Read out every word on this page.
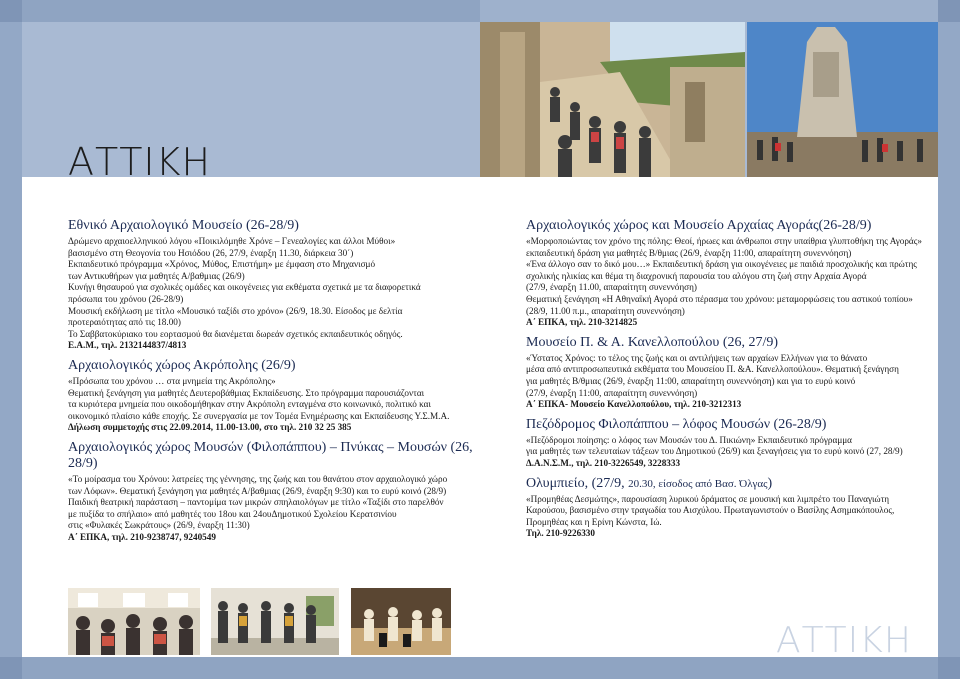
ΑΤΤΙΚΗ
Εθνικό Αρχαιολογικό Μουσείο (26-28/9)

Δρώμενο αρχαιοελληνικού λόγου «Ποικιλόμηθε Χρόνε – Γενεαλογίες και άλλοι Μύθοι»

βασισμένο στη Θεογονία του Ησιόδου (26, 27/9, έναρξη 11.30, διάρκεια 30΄)

Εκπαιδευτικό πρόγραμμα «Χρόνος, Μύθος, Επιστήμη» με έμφαση στο Μηχανισμό

των Αντικυθήρων για μαθητές Α/βαθμιας (26/9)

Κυνήγι θησαυρού για σχολικές ομάδες και οικογένειες για εκθέματα σχετικά με τα διαφορετικά

πρόσωπα του χρόνου (26-28/9)

Μουσική εκδήλωση με τίτλο «Μουσικό ταξίδι στο χρόνο» (26/9, 18.30. Είσοδος με δελτία

προτεραιότητας από τις 18.00)

Το Σαββατοκύριακο του εορτασμού θα διανέμεται δωρεάν σχετικός εκπαιδευτικός οδηγός.

Ε.Α.Μ., τηλ. 2132144837/4813

Αρχαιολογικός χώρος Ακρόπολης (26/9)

«Πρόσωπα του χρόνου … στα μνημεία της Ακρόπολης»

Θεματική ξενάγηση για μαθητές Δευτεροβάθμιας Εκπαίδευσης. Στο πρόγραμμα παρουσιάζονται

τα κυριότερα μνημεία που οικοδομήθηκαν στην Ακρόπολη ενταγμένα στο κοινωνικό, πολιτικό και

οικονομικό πλαίσιο κάθε εποχής. Σε συνεργασία με τον Τομέα Ενημέρωσης και Εκπαίδευσης Υ.Σ.Μ.Α.

Δήλωση συμμετοχής στις 22.09.2014, 11.00-13.00, στο τηλ. 210 32 25 385

Αρχαιολογικός χώρος Μουσών (Φιλοπάππου) – Πνύκας – Μουσών (26, 28/9)

«Το μοίρασμα του Χρόνου: λατρείες της γέννησης, της ζωής και του θανάτου στον αρχαιολογικό χώρο

των Λόφων». Θεματική ξενάγηση για μαθητές Α/βαθμιας (26/9, έναρξη 9:30) και το ευρύ κοινό (28/9)

Παιδική θεατρική παράσταση – παντομίμα των μικρών σπηλαιολόγων με τίτλο «Ταξίδι στο παρελθόν

με πυξίδα το σπήλαιο» από μαθητές του 18ου και 24ουΔημοτικού Σχολείου Κερατσινίου

στις «Φυλακές Σωκράτους» (26/9, έναρξη 11:30)

Α΄ ΕΠΚΑ, τηλ. 210-9238747, 9240549

Αρχαιολογικός χώρος και Μουσείο Αρχαίας Αγοράς(26-28/9)

«Μορφοποιώντας τον χρόνο της πόλης: Θεοί, ήρωες και άνθρωποι στην υπαίθρια γλυπτοθήκη της Αγοράς»

εκπαιδευτική δράση για μαθητές Β/θμιας (26/9, έναρξη 11:00, απαραίτητη συνεννόηση)

«Ένα άλλογο σαν το δικό μου…» Εκπαιδευτική δράση για οικογένειες με παιδιά προσχολικής και πρώτης

σχολικής ηλικίας και θέμα τη διαχρονική παρουσία του αλόγου στη ζωή στην Αρχαία Αγορά

(27/9, έναρξη 11.00, απαραίτητη συνεννόηση)

Θεματική ξενάγηση «Η Αθηναϊκή Αγορά στο πέρασμα του χρόνου: μεταμορφώσεις του αστικού τοπίου»

(28/9, 11.00 π.μ., απαραίτητη συνεννόηση)

Α΄ ΕΠΚΑ, τηλ. 210-3214825

Μουσείο Π. & Α. Κανελλοπούλου (26, 27/9)

«Ύστατος Χρόνος: το τέλος της ζωής και οι αντιλήψεις των αρχαίων Ελλήνων για το θάνατο

μέσα από αντιπροσωπευτικά εκθέματα του Μουσείου Π. &Α. Κανελλοπούλου». Θεματική ξενάγηση

για μαθητές Β/θμιας (26/9, έναρξη 11:00, απαραίτητη συνεννόηση) και για το ευρύ κοινό

(27/9, έναρξη 11:00, απαραίτητη συνεννόηση)

Α΄ ΕΠΚΑ- Μουσείο Κανελλοπούλου, τηλ. 210-3212313

Πεζόδρομος Φιλοπάππου – λόφος Μουσών (26-28/9)

«Πεζόδρομοι ποίησης: ο λόφος των Μουσών του Δ. Πικιώνη» Εκπαιδευτικό πρόγραμμα

για μαθητές των τελευταίων τάξεων του Δημοτικού (26/9) και ξεναγήσεις για το ευρύ κοινό (27, 28/9)

Δ.Α.Ν.Σ.Μ., τηλ. 210-3226549, 3228333

Ολυμπιείο, (27/9, 20.30, είσοδος από Βασ. Όλγας)

«Προμηθέας Δεσμώτης», παρουσίαση λυρικού δράματος σε μουσική και λιμπρέτο του Παναγιώτη

Καρούσου, βασισμένο στην τραγωδία του Αισχύλου. Πρωταγωνιστούν ο Βασίλης Ασημακόπουλος,

Προμηθέας και η Ερίνη Κώνστα, Ιώ.

Τηλ. 210-9226330

ΑΤΤΙΚΗ
